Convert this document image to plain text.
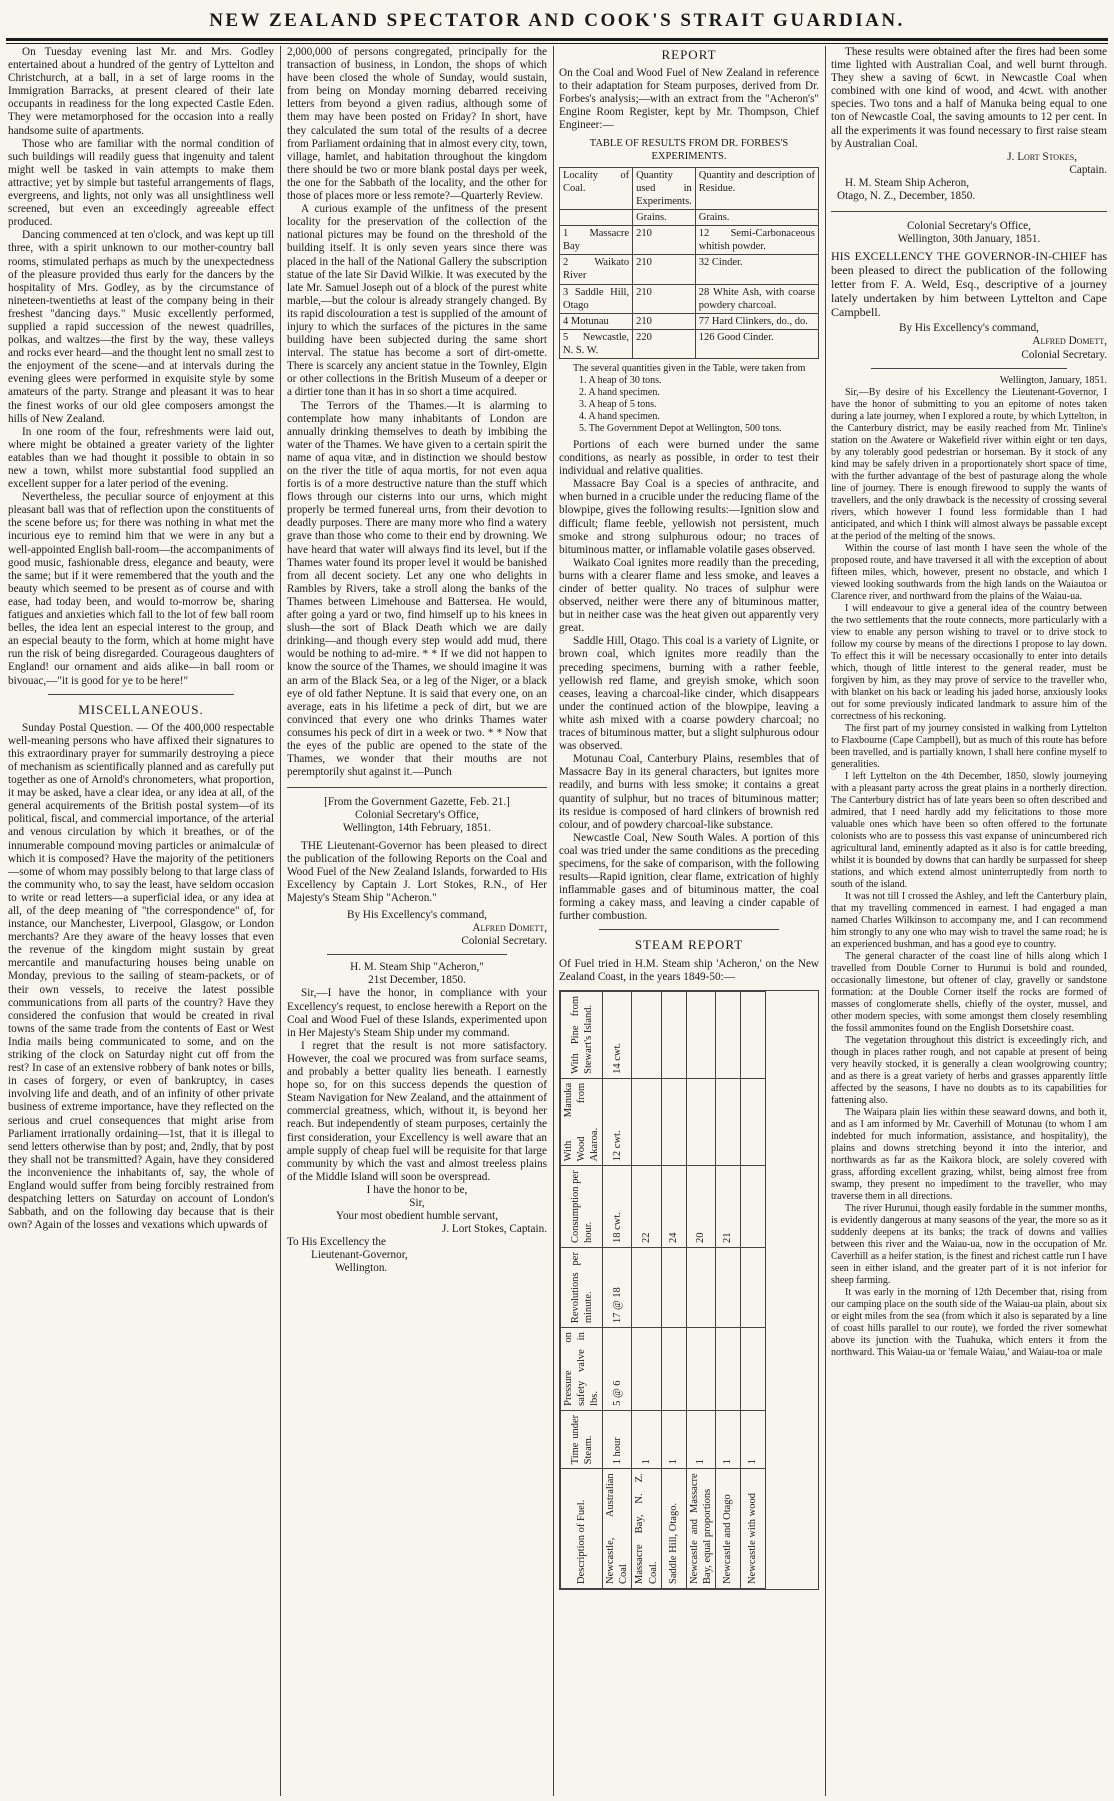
NEW ZEALAND SPECTATOR AND COOK'S STRAIT GUARDIAN.

On Tuesday evening last Mr. and Mrs. Godley entertained about a hundred of the gentry of Lyttelton and Christchurch, at a ball, in a set of large rooms in the Immigration Barracks, at present cleared of their late occupants in readiness for the long expected Castle Eden. They were metamorphosed for the occasion into a really handsome suite of apartments.

Those who are familiar with the normal condition of such buildings will readily guess that ingenuity and talent might well be tasked in vain attempts to make them attractive; yet by simple but tasteful arrangements of flags, evergreens, and lights, not only was all unsightliness well screened, but even an exceedingly agreeable effect produced.

Dancing commenced at ten o'clock, and was kept up till three, with a spirit unknown to our mother-country ball rooms, stimulated perhaps as much by the unexpectedness of the pleasure provided thus early for the dancers by the hospitality of Mrs. Godley, as by the circumstance of nineteen-twentieths at least of the company being in their freshest "dancing days." Music excellently performed, supplied a rapid succession of the newest quadrilles, polkas, and waltzes—the first by the way, these valleys and rocks ever heard—and the thought lent no small zest to the enjoyment of the scene—and at intervals during the evening glees were performed in exquisite style by some amateurs of the party. Strange and pleasant it was to hear the finest works of our old glee composers amongst the hills of New Zealand.

In one room of the four, refreshments were laid out, where might be obtained a greater variety of the lighter eatables than we had thought it possible to obtain in so new a town, whilst more substantial food supplied an excellent supper for a later period of the evening.

Nevertheless, the peculiar source of enjoyment at this pleasant ball was that of reflection upon the constituents of the scene before us; for there was nothing in what met the incurious eye to remind him that we were in any but a well-appointed English ball-room—the accompaniments of good music, fashionable dress, elegance and beauty, were the same; but if it were remembered that the youth and the beauty which seemed to be present as of course and with ease, had today been, and would to-morrow be, sharing fatigues and anxieties which fall to the lot of few ball room belles, the idea lent an especial interest to the group, and an especial beauty to the form, which at home might have run the risk of being disregarded. Courageous daughters of England! our ornament and aids alike—in ball room or bivouac,—"it is good for ye to be here!"

MISCELLANEOUS.

Sunday Postal Question. — Of the 400,000 respectable well-meaning persons who have affixed their signatures to this extraordinary prayer for summarily destroying a piece of mechanism as scientifically planned and as carefully put together as one of Arnold's chronometers, what proportion, it may be asked, have a clear idea, or any idea at all, of the general acquirements of the British postal system—of its political, fiscal, and commercial importance, of the arterial and venous circulation by which it breathes, or of the innumerable compound moving particles or animalculæ of which it is composed? Have the majority of the petitioners—some of whom may possibly belong to that large class of the community who, to say the least, have seldom occasion to write or read letters—a superficial idea, or any idea at all, of the deep meaning of "the correspondence" of, for instance, our Manchester, Liverpool, Glasgow, or London merchants? Are they aware of the heavy losses that even the revenue of the kingdom might sustain by great mercantile and manufacturing houses being unable on Monday, previous to the sailing of steam-packets, or of their own vessels, to receive the latest possible communications from all parts of the country? Have they considered the confusion that would be created in rival towns of the same trade from the contents of East or West India mails being communicated to some, and on the striking of the clock on Saturday night cut off from the rest? In case of an extensive robbery of bank notes or bills, in cases of forgery, or even of bankruptcy, in cases involving life and death, and of an infinity of other private business of extreme importance, have they reflected on the serious and cruel consequences that might arise from Parliament irrationally ordaining—1st, that it is illegal to send letters otherwise than by post; and, 2ndly, that by post they shall not be transmitted? Again, have they considered the inconvenience the inhabitants of, say, the whole of England would suffer from being forcibly restrained from despatching letters on Saturday on account of London's Sabbath, and on the following day because that is their own? Again of the losses and vexations which upwards of

2,000,000 of persons congregated, principally for the transaction of business, in London, the shops of which have been closed the whole of Sunday, would sustain, from being on Monday morning debarred receiving letters from beyond a given radius, although some of them may have been posted on Friday? In short, have they calculated the sum total of the results of a decree from Parliament ordaining that in almost every city, town, village, hamlet, and habitation throughout the kingdom there should be two or more blank postal days per week, the one for the Sabbath of the locality, and the other for those of places more or less remote?—Quarterly Review.

A curious example of the unfitness of the present locality for the preservation of the collection of the national pictures may be found on the threshold of the building itself. It is only seven years since there was placed in the hall of the National Gallery the subscription statue of the late Sir David Wilkie. It was executed by the late Mr. Samuel Joseph out of a block of the purest white marble,—but the colour is already strangely changed. By its rapid discolouration a test is supplied of the amount of injury to which the surfaces of the pictures in the same building have been subjected during the same short interval. The statue has become a sort of dirt-omette. There is scarcely any ancient statue in the Townley, Elgin or other collections in the British Museum of a deeper or a dirtier tone than it has in so short a time acquired.

The Terrors of the Thames.—It is alarming to contemplate how many inhabitants of London are annually drinking themselves to death by imbibing the water of the Thames. We have given to a certain spirit the name of aqua vitæ, and in distinction we should bestow on the river the title of aqua mortis, for not even aqua fortis is of a more destructive nature than the stuff which flows through our cisterns into our urns, which might properly be termed funereal urns, from their devotion to deadly purposes. There are many more who find a watery grave than those who come to their end by drowning. We have heard that water will always find its level, but if the Thames water found its proper level it would be banished from all decent society. Let any one who delights in Rambles by Rivers, take a stroll along the banks of the Thames between Limehouse and Battersea. He would, after going a yard or two, find himself up to his knees in slush—the sort of Black Death which we are daily drinking—and though every step would add mud, there would be nothing to ad-mire. * * If we did not happen to know the source of the Thames, we should imagine it was an arm of the Black Sea, or a leg of the Niger, or a black eye of old father Neptune. It is said that every one, on an average, eats in his lifetime a peck of dirt, but we are convinced that every one who drinks Thames water consumes his peck of dirt in a week or two. * * Now that the eyes of the public are opened to the state of the Thames, we wonder that their mouths are not peremptorily shut against it.—Punch

[From the Government Gazette, Feb. 21.]

Colonial Secretary's Office,

Wellington, 14th February, 1851.

THE Lieutenant-Governor has been pleased to direct the publication of the following Reports on the Coal and Wood Fuel of the New Zealand Islands, forwarded to His Excellency by Captain J. Lort Stokes, R.N., of Her Majesty's Steam Ship "Acheron."

By His Excellency's command,

Alfred Domett,

Colonial Secretary.

H. M. Steam Ship "Acheron,"

21st December, 1850.

Sir,—I have the honor, in compliance with your Excellency's request, to enclose herewith a Report on the Coal and Wood Fuel of these Islands, experimented upon in Her Majesty's Steam Ship under my command.

I regret that the result is not more satisfactory. However, the coal we procured was from surface seams, and probably a better quality lies beneath. I earnestly hope so, for on this success depends the question of Steam Navigation for New Zealand, and the attainment of commercial greatness, which, without it, is beyond her reach. But independently of steam purposes, certainly the first consideration, your Excellency is well aware that an ample supply of cheap fuel will be requisite for that large community by which the vast and almost treeless plains of the Middle Island will soon be overspread.

I have the honor to be,

Sir,

Your most obedient humble servant,

J. Lort Stokes, Captain.

To His Excellency the

Lieutenant-Governor,

Wellington.

REPORT

On the Coal and Wood Fuel of New Zealand in reference to their adaptation for Steam purposes, derived from Dr. Forbes's analysis;—with an extract from the "Acheron's" Engine Room Register, kept by Mr. Thompson, Chief Engineer:—

TABLE OF RESULTS FROM DR. FORBES'S EXPERIMENTS.
Locality of Coal.	Quantity used in Experiments.	Quantity and description of Residue.
	Grains.	Grains.
1 Massacre Bay	210	12 Semi-Carbonaceous whitish powder.
2 Waikato River	210	32 Cinder.
3 Saddle Hill, Otago	210	28 White Ash, with coarse powdery charcoal.
4 Motunau	210	77 Hard Clinkers, do., do.
5 Newcastle, N. S. W.	220	126 Good Cinder.

The several quantities given in the Table, were taken from

1. A heap of 30 tons.
2. A hand specimen.
3. A heap of 5 tons.
4. A hand specimen.
5. The Government Depot at Wellington, 500 tons.

Portions of each were burned under the same conditions, as nearly as possible, in order to test their individual and relative qualities.

Massacre Bay Coal is a species of anthracite, and when burned in a crucible under the reducing flame of the blowpipe, gives the following results:—Ignition slow and difficult; flame feeble, yellowish not persistent, much smoke and strong sulphurous odour; no traces of bituminous matter, or inflamable volatile gases observed.

Waikato Coal ignites more readily than the preceding, burns with a clearer flame and less smoke, and leaves a cinder of better quality. No traces of sulphur were observed, neither were there any of bituminous matter, but in neither case was the heat given out apparently very great.

Saddle Hill, Otago. This coal is a variety of Lignite, or brown coal, which ignites more readily than the preceding specimens, burning with a rather feeble, yellowish red flame, and greyish smoke, which soon ceases, leaving a charcoal-like cinder, which disappears under the continued action of the blowpipe, leaving a white ash mixed with a coarse powdery charcoal; no traces of bituminous matter, but a slight sulphurous odour was observed.

Motunau Coal, Canterbury Plains, resembles that of Massacre Bay in its general characters, but ignites more readily, and burns with less smoke; it contains a great quantity of sulphur, but no traces of bituminous matter; its residue is composed of hard clinkers of brownish red colour, and of powdery charcoal-like substance.

Newcastle Coal, New South Wales. A portion of this coal was tried under the same conditions as the preceding specimens, for the sake of comparison, with the following results—Rapid ignition, clear flame, extrication of highly inflammable gases and of bituminous matter, the coal forming a cakey mass, and leaving a cinder capable of further combustion.

STEAM REPORT

Of Fuel tried in H.M. Steam ship 'Acheron,' on the New Zealand Coast, in the years 1849-50:—

Description of Fuel.	Time under Steam.	Pressure on safety valve in lbs.	Revolutions per minute.	Consumption per hour.	With Manuka Wood from Akaroa.	With Pine from Stewart's Island.
Newcastle, Australian Coal	1 hour	5 @ 6	17 @ 18	18 cwt.	12 cwt.	14 cwt.
Massacre Bay, N. Z. Coal.	1			22		
Saddle Hill, Otago.	1			24		
Newcastle and Massacre Bay, equal proportions	1			20		
Newcastle and Otago	1			21		
Newcastle with wood	1					

These results were obtained after the fires had been some time lighted with Australian Coal, and well burnt through. They shew a saving of 6cwt. in Newcastle Coal when combined with one kind of wood, and 4cwt. with another species. Two tons and a half of Manuka being equal to one ton of Newcastle Coal, the saving amounts to 12 per cent. In all the experiments it was found necessary to first raise steam by Australian Coal.

J. Lort Stokes,

Captain.

H. M. Steam Ship Acheron,

Otago, N. Z., December, 1850.

Colonial Secretary's Office,

Wellington, 30th January, 1851.

HIS EXCELLENCY THE GOVERNOR-IN-CHIEF has been pleased to direct the publication of the following letter from F. A. Weld, Esq., descriptive of a journey lately undertaken by him between Lyttelton and Cape Campbell.

By His Excellency's command,

Alfred Domett,

Colonial Secretary.

Wellington, January, 1851.

Sir,—By desire of his Excellency the Lieutenant-Governor, I have the honor of submitting to you an epitome of notes taken during a late journey, when I explored a route, by which Lyttelton, in the Canterbury district, may be easily reached from Mr. Tinline's station on the Awatere or Wakefield river within eight or ten days, by any tolerably good pedestrian or horseman. By it stock of any kind may be safely driven in a proportionately short space of time, with the further advantage of the best of pasturage along the whole line of journey. There is enough firewood to supply the wants of travellers, and the only drawback is the necessity of crossing several rivers, which however I found less formidable than I had anticipated, and which I think will almost always be passable except at the period of the melting of the snows.

Within the course of last month I have seen the whole of the proposed route, and have traversed it all with the exception of about fifteen miles, which, however, present no obstacle, and which I viewed looking southwards from the high lands on the Waiautoa or Clarence river, and northward from the plains of the Waiau-ua.

I will endeavour to give a general idea of the country between the two settlements that the route connects, more particularly with a view to enable any person wishing to travel or to drive stock to follow my course by means of the directions I propose to lay down. To effect this it will be necessary occasionally to enter into details which, though of little interest to the general reader, must be forgiven by him, as they may prove of service to the traveller who, with blanket on his back or leading his jaded horse, anxiously looks out for some previously indicated landmark to assure him of the correctness of his reckoning.

The first part of my journey consisted in walking from Lyttelton to Flaxbourne (Cape Campbell), but as much of this route has before been travelled, and is partially known, I shall here confine myself to generalities.

I left Lyttelton on the 4th December, 1850, slowly journeying with a pleasant party across the great plains in a northerly direction. The Canterbury district has of late years been so often described and admired, that I need hardly add my felicitations to those more valuable ones which have been so often offered to the fortunate colonists who are to possess this vast expanse of unincumbered rich agricultural land, eminently adapted as it also is for cattle breeding, whilst it is bounded by downs that can hardly be surpassed for sheep stations, and which extend almost uninterruptedly from north to south of the island.

It was not till I crossed the Ashley, and left the Canterbury plain, that my travelling commenced in earnest. I had engaged a man named Charles Wilkinson to accompany me, and I can recommend him strongly to any one who may wish to travel the same road; he is an experienced bushman, and has a good eye to country.

The general character of the coast line of hills along which I travelled from Double Corner to Hurunui is bold and rounded, occasionally limestone, but oftener of clay, gravelly or sandstone formation: at the Double Corner itself the rocks are formed of masses of conglomerate shells, chiefly of the oyster, mussel, and other modern species, with some amongst them closely resembling the fossil ammonites found on the English Dorsetshire coast.

The vegetation throughout this district is exceedingly rich, and though in places rather rough, and not capable at present of being very heavily stocked, it is generally a clean woolgrowing country; and as there is a great variety of herbs and grasses apparently little affected by the seasons, I have no doubts as to its capabilities for fattening also.

The Waipara plain lies within these seaward downs, and both it, and as I am informed by Mr. Caverhill of Motunau (to whom I am indebted for much information, assistance, and hospitality), the plains and downs stretching beyond it into the interior, and northwards as far as the Kaikora block, are solely covered with grass, affording excellent grazing, whilst, being almost free from swamp, they present no impediment to the traveller, who may traverse them in all directions.

The river Hurunui, though easily fordable in the summer months, is evidently dangerous at many seasons of the year, the more so as it suddenly deepens at its banks; the track of downs and vallies between this river and the Waiau-ua, now in the occupation of Mr. Caverhill as a heifer station, is the finest and richest cattle run I have seen in either island, and the greater part of it is not inferior for sheep farming.

It was early in the morning of 12th December that, rising from our camping place on the south side of the Waiau-ua plain, about six or eight miles from the sea (from which it also is separated by a line of coast hills parallel to our route), we forded the river somewhat above its junction with the Tuahuka, which enters it from the northward. This Waiau-ua or 'female Waiau,' and Waiau-toa or male
